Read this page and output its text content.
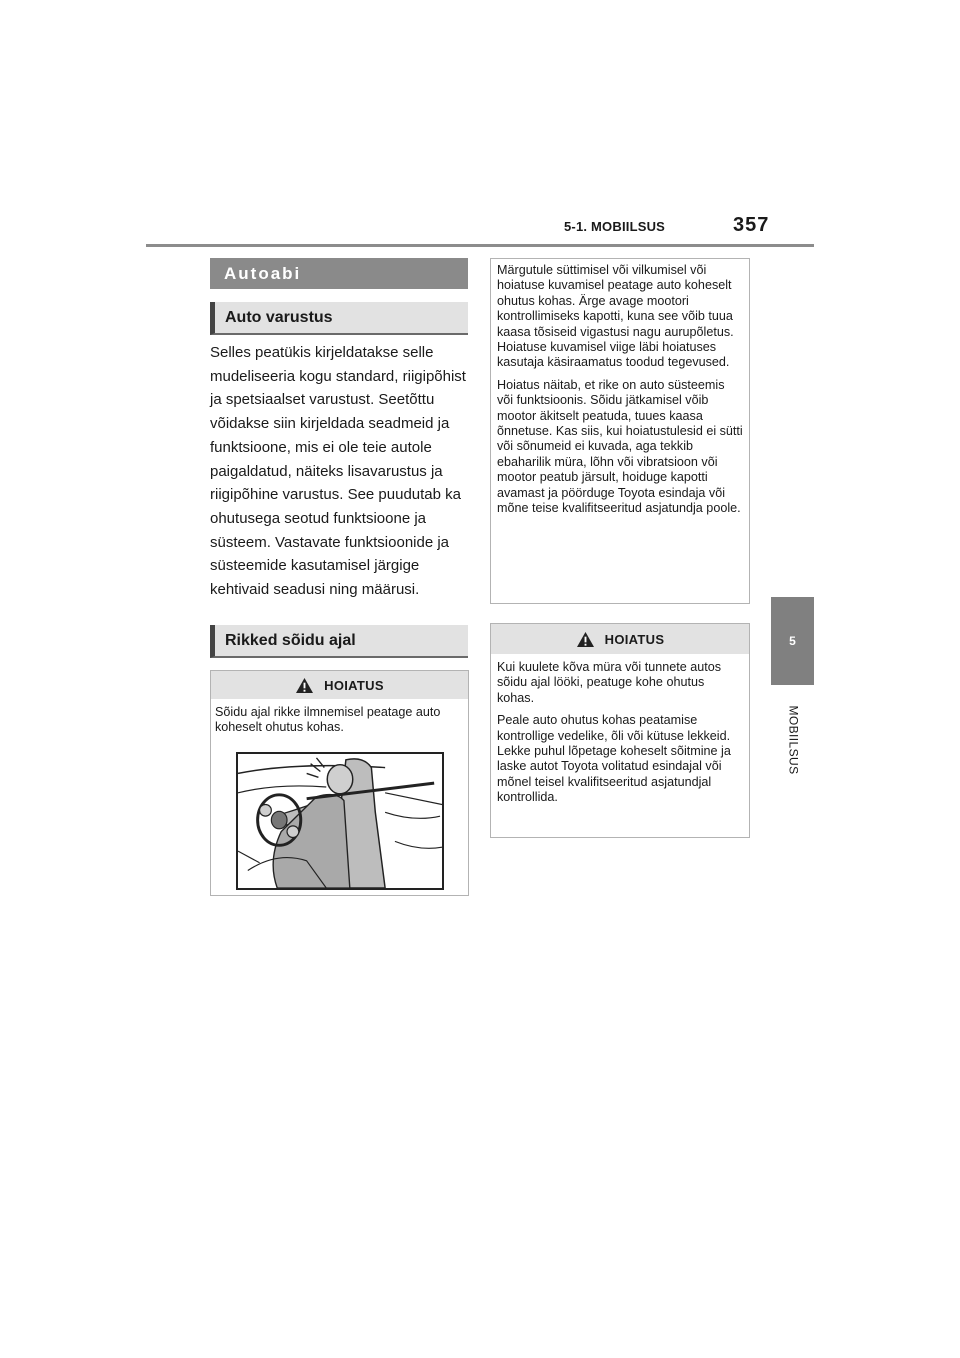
5-1. MOBIILSUS	357
5
MOBIILSUS
Autoabi
Auto varustus
Selles peatükis kirjeldatakse selle mudeliseeria kogu standard, riigipõhist ja spetsiaalset varustust. Seetõttu võidakse siin kirjeldada seadmeid ja funktsioone, mis ei ole teie autole paigaldatud, näiteks lisavarustus ja riigipõhine varustus. See puudutab ka ohutusega seotud funktsioone ja süsteem. Vastavate funktsioonide ja süsteemide kasutamisel järgige kehtivaid seadusi ning määrusi.
Rikked sõidu ajal
HOIATUS
Sõidu ajal rikke ilmnemisel peatage auto koheselt ohutus kohas.

Märgutule süttimisel või vilkumisel või hoiatuse kuvamisel peatage auto koheselt ohutus kohas. Ärge avage mootori kontrollimiseks kapotti, kuna see võib tuua kaasa tõsiseid vigastusi nagu aurupõletus. Hoiatuse kuvamisel viige läbi hoiatuses kasutaja käsiraamatus toodud tegevused.

Hoiatus näitab, et rike on auto süsteemis või funktsioonis. Sõidu jätkamisel võib mootor äkitselt peatuda, tuues kaasa õnnetuse. Kas siis, kui hoiatustulesid ei sütti või sõnumeid ei kuvada, aga tekkib ebaharilik müra, lõhn või vibratsioon või mootor peatub järsult, hoiduge kapotti avamast ja pöörduge Toyota esindaja või mõne teise kvalifitseeritud asjatundja poole.

HOIATUS

Kui kuulete kõva müra või tunnete autos sõidu ajal lööki, peatuge kohe ohutus kohas.

Peale auto ohutus kohas peatamise kontrollige vedelike, õli või kütuse lekkeid. Lekke puhul lõpetage koheselt sõitmine ja laske autot Toyota volitatud esindajal või mõnel teisel kvalifitseeritud asjatundjal kontrollida.
